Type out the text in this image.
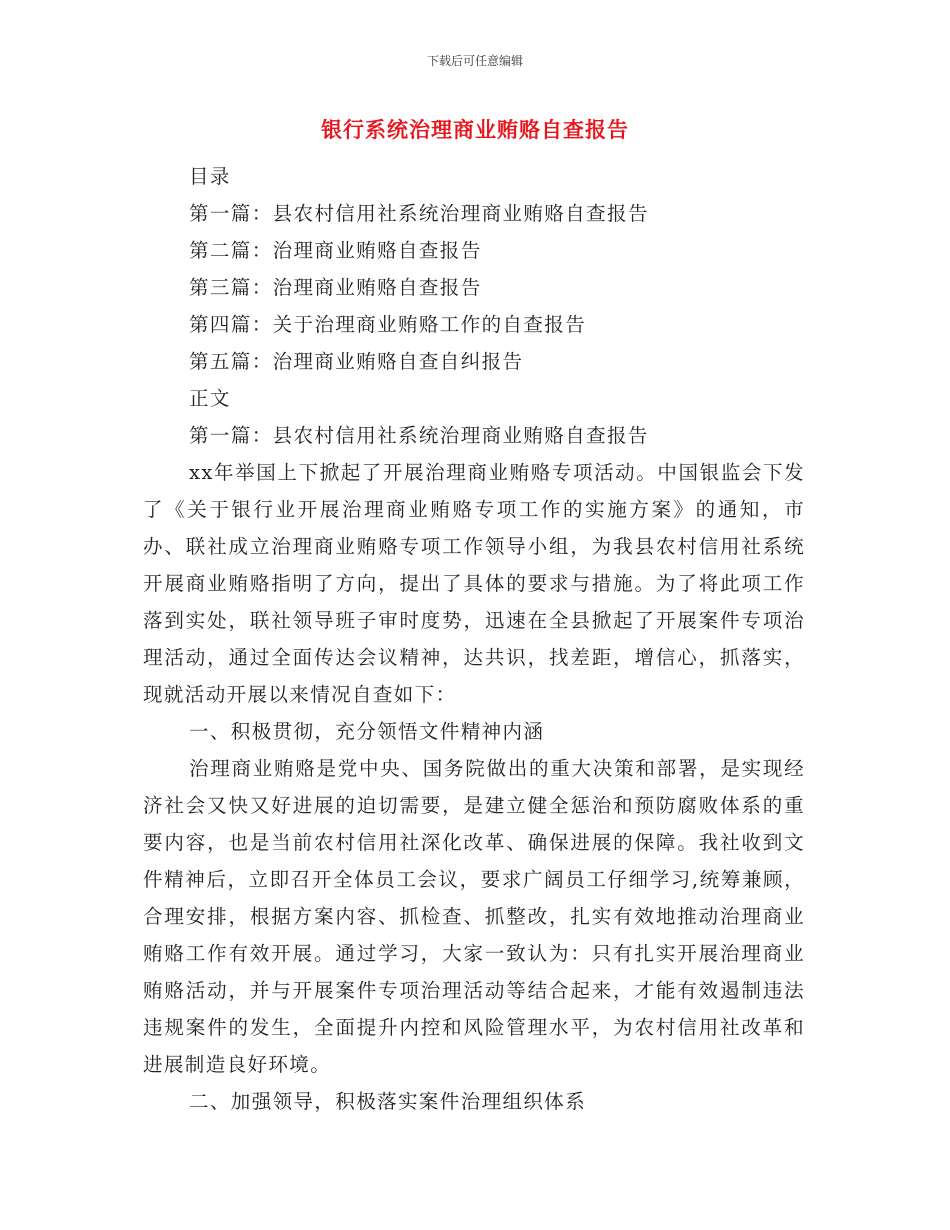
下载后可任意编辑
银行系统治理商业贿赂自查报告
目录
第一篇：县农村信用社系统治理商业贿赂自查报告
第二篇：治理商业贿赂自查报告
第三篇：治理商业贿赂自查报告
第四篇：关于治理商业贿赂工作的自查报告
第五篇：治理商业贿赂自查自纠报告
正文
第一篇：县农村信用社系统治理商业贿赂自查报告

xx年举国上下掀起了开展治理商业贿赂专项活动。中国银监会下发了《关于银行业开展治理商业贿赂专项工作的实施方案》的通知，市办、联社成立治理商业贿赂专项工作领导小组，为我县农村信用社系统开展商业贿赂指明了方向，提出了具体的要求与措施。为了将此项工作落到实处，联社领导班子审时度势，迅速在全县掀起了开展案件专项治理活动，通过全面传达会议精神，达共识，找差距，增信心，抓落实，现就活动开展以来情况自查如下：

一、积极贯彻，充分领悟文件精神内涵

治理商业贿赂是党中央、国务院做出的重大决策和部署，是实现经济社会又快又好进展的迫切需要，是建立健全惩治和预防腐败体系的重要内容，也是当前农村信用社深化改革、确保进展的保障。我社收到文件精神后，立即召开全体员工会议，要求广阔员工仔细学习,统筹兼顾，合理安排，根据方案内容、抓检查、抓整改，扎实有效地推动治理商业贿赂工作有效开展。通过学习，大家一致认为：只有扎实开展治理商业贿赂活动，并与开展案件专项治理活动等结合起来，才能有效遏制违法违规案件的发生，全面提升内控和风险管理水平，为农村信用社改革和进展制造良好环境。

二、加强领导，积极落实案件治理组织体系
